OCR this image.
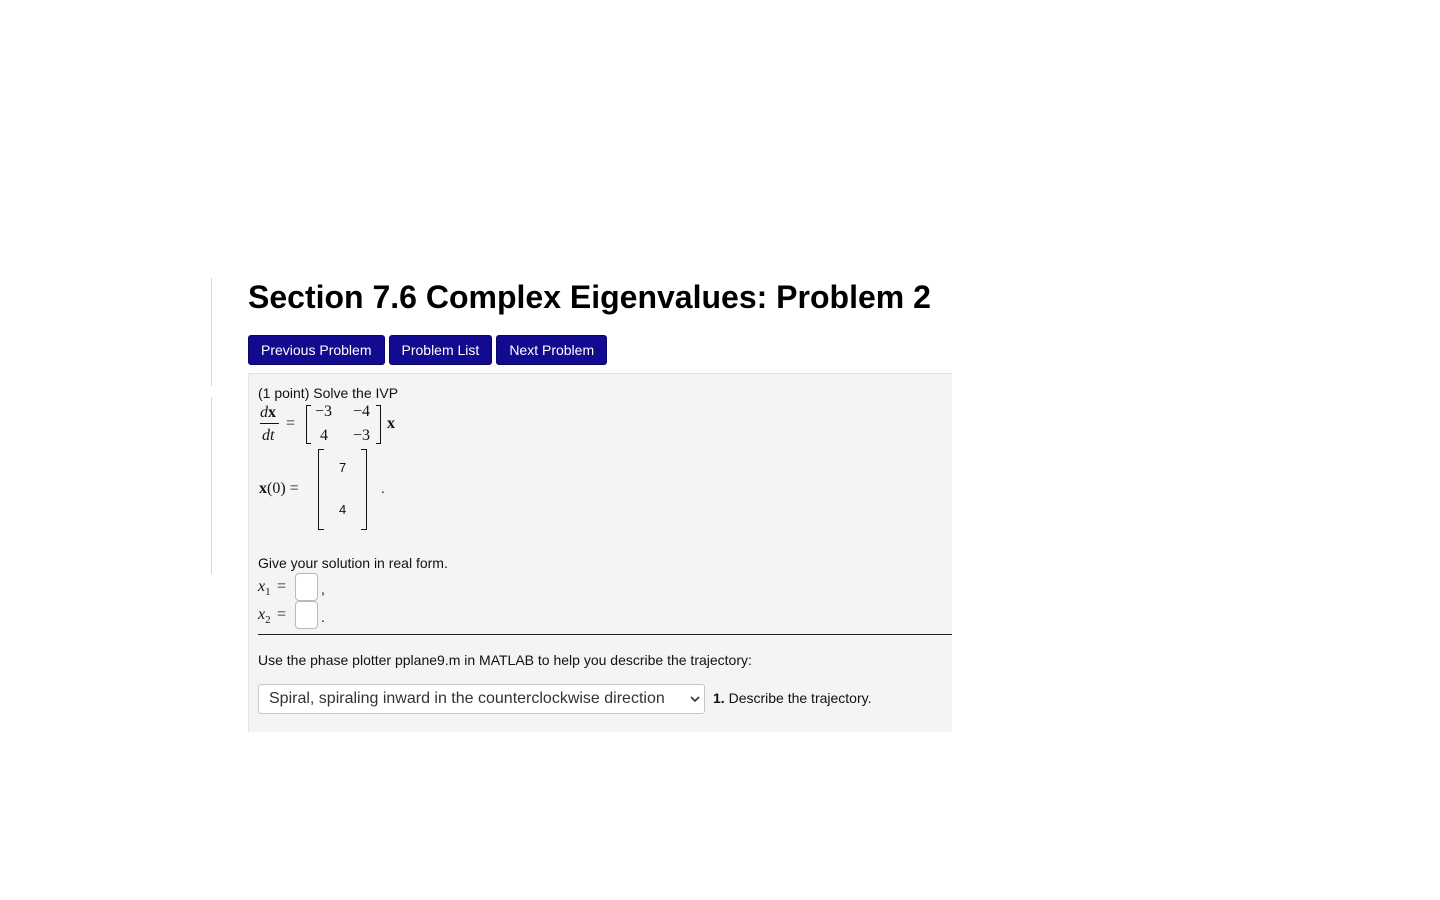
Section 7.6 Complex Eigenvalues: Problem 2
Previous Problem	Problem List	Next Problem
(1 point) Solve the IVP
dx
dt
=
−3 −4
4 −3
x
x(0) =
7
4
.
Give your solution in real form.
$x_1$ = ,
$x_2$ = .
Use the phase plotter pplane9.m in MATLAB to help you describe the trajectory:
Spiral, spiraling inward in the counterclockwise direction	1. Describe the trajectory.
